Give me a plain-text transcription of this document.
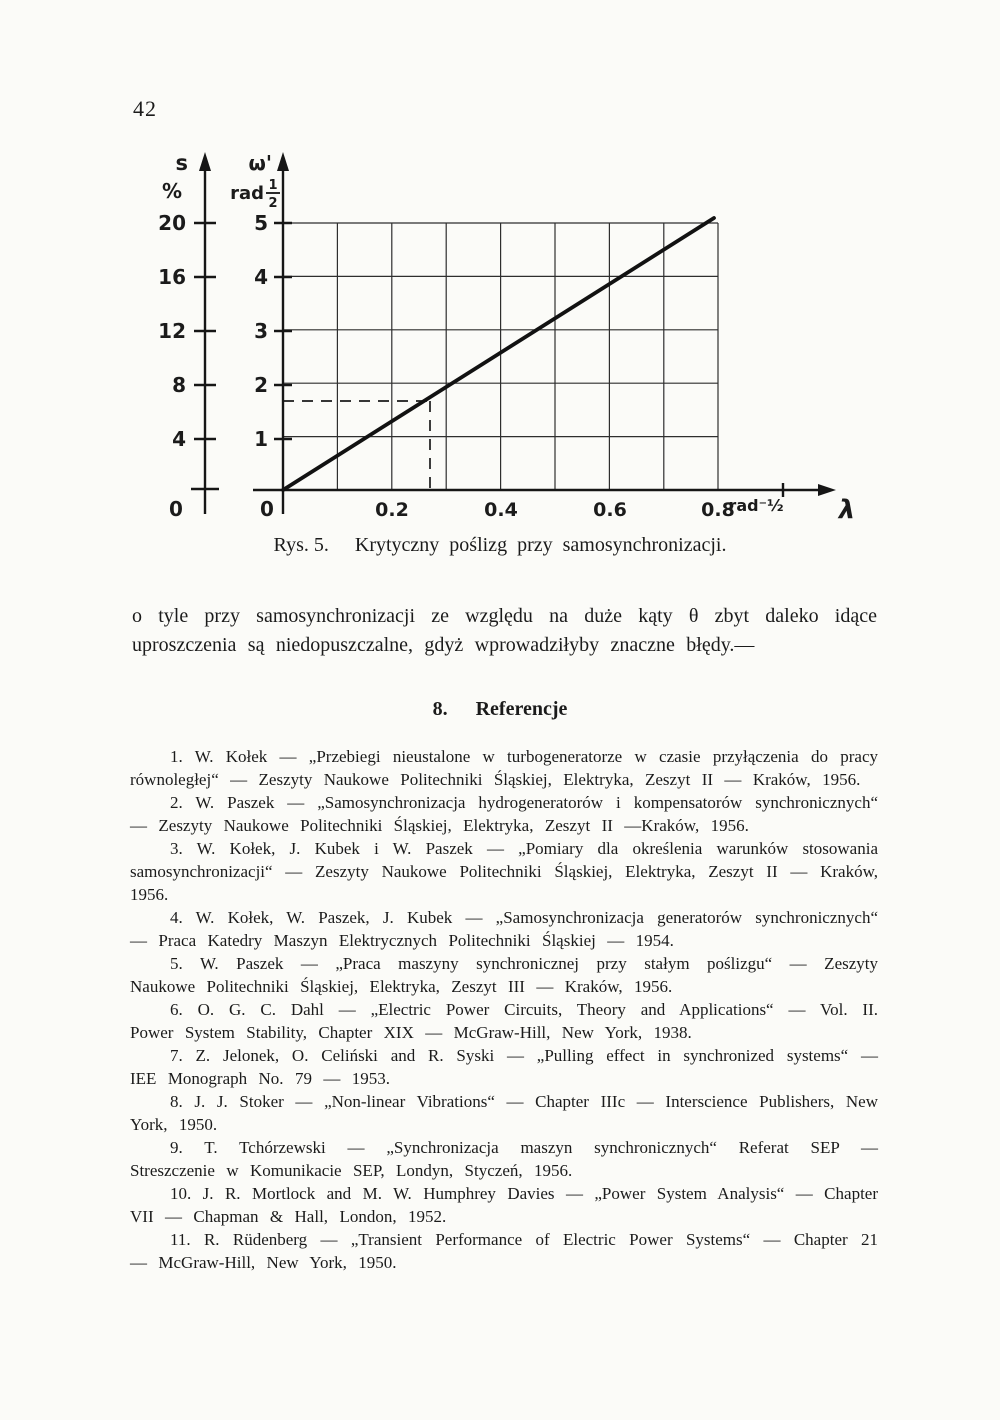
42
s
%
20
16
12
8
4
0
ω'
rad 1
2
5
4
3
2
1
0	0.2	0.4	0.6	0.8
rad⁻½ λ
Rys. 5. Krytyczny poślizg przy samosynchronizacji.

o tyle przy samosynchronizacji ze względu na duże kąty θ zbyt daleko idące uproszczenia są niedopuszczalne, gdyż wprowadziłyby znaczne błędy.—

8. Referencje

1. W. Kołek — „Przebiegi nieustalone w turbogeneratorze w czasie przyłączenia do pracy równoległej“ — Zeszyty Naukowe Politechniki Śląskiej, Elektryka, Zeszyt II — Kraków, 1956.

2. W. Paszek — „Samosynchronizacja hydrogeneratorów i kompensatorów synchronicznych“ — Zeszyty Naukowe Politechniki Śląskiej, Elektryka, Zeszyt II —Kraków, 1956.

3. W. Kołek, J. Kubek i W. Paszek — „Pomiary dla określenia warunków stosowania samosynchronizacji“ — Zeszyty Naukowe Politechniki Śląskiej, Elektryka, Zeszyt II — Kraków, 1956.

4. W. Kołek, W. Paszek, J. Kubek — „Samosynchronizacja generatorów synchronicznych“ — Praca Katedry Maszyn Elektrycznych Politechniki Śląskiej — 1954.

5. W. Paszek — „Praca maszyny synchronicznej przy stałym poślizgu“ — Zeszyty Naukowe Politechniki Śląskiej, Elektryka, Zeszyt III — Kraków, 1956.

6. O. G. C. Dahl — „Electric Power Circuits, Theory and Applications“ — Vol. II. Power System Stability, Chapter XIX — McGraw-Hill, New York, 1938.

7. Z. Jelonek, O. Celiński and R. Syski — „Pulling effect in synchronized systems“ — IEE Monograph No. 79 — 1953.

8. J. J. Stoker — „Non-linear Vibrations“ — Chapter IIIc — Interscience Publishers, New York, 1950.

9. T. Tchórzewski — „Synchronizacja maszyn synchronicznych“ Referat SEP — Streszczenie w Komunikacie SEP, Londyn, Styczeń, 1956.

10. J. R. Mortlock and M. W. Humphrey Davies — „Power System Analysis“ — Chapter VII — Chapman & Hall, London, 1952.

11. R. Rüdenberg — „Transient Performance of Electric Power Systems“ — Chapter 21 — McGraw-Hill, New York, 1950.
